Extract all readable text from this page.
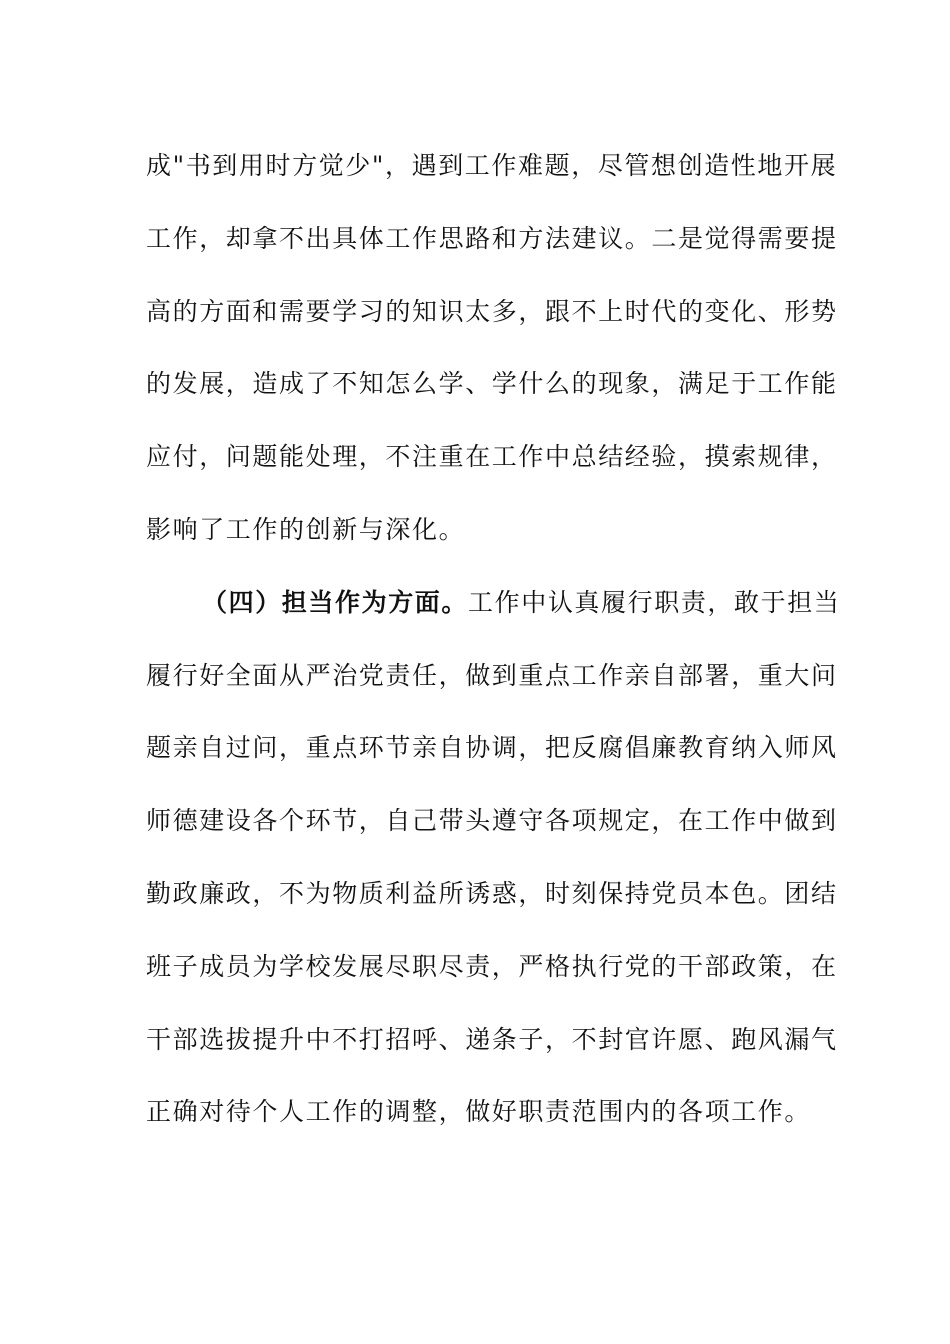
成"书到用时方觉少"，遇到工作难题，尽管想创造性地开展
工作，却拿不出具体工作思路和方法建议。二是觉得需要提
高的方面和需要学习的知识太多，跟不上时代的变化、形势
的发展，造成了不知怎么学、学什么的现象，满足于工作能
应付，问题能处理，不注重在工作中总结经验，摸索规律，
影响了工作的创新与深化。
（四）担当作为方面。工作中认真履行职责，敢于担当
履行好全面从严治党责任，做到重点工作亲自部署，重大问
题亲自过问，重点环节亲自协调，把反腐倡廉教育纳入师风
师德建设各个环节，自己带头遵守各项规定，在工作中做到
勤政廉政，不为物质利益所诱惑，时刻保持党员本色。团结
班子成员为学校发展尽职尽责，严格执行党的干部政策，在
干部选拔提升中不打招呼、递条子，不封官许愿、跑风漏气
正确对待个人工作的调整，做好职责范围内的各项工作。
